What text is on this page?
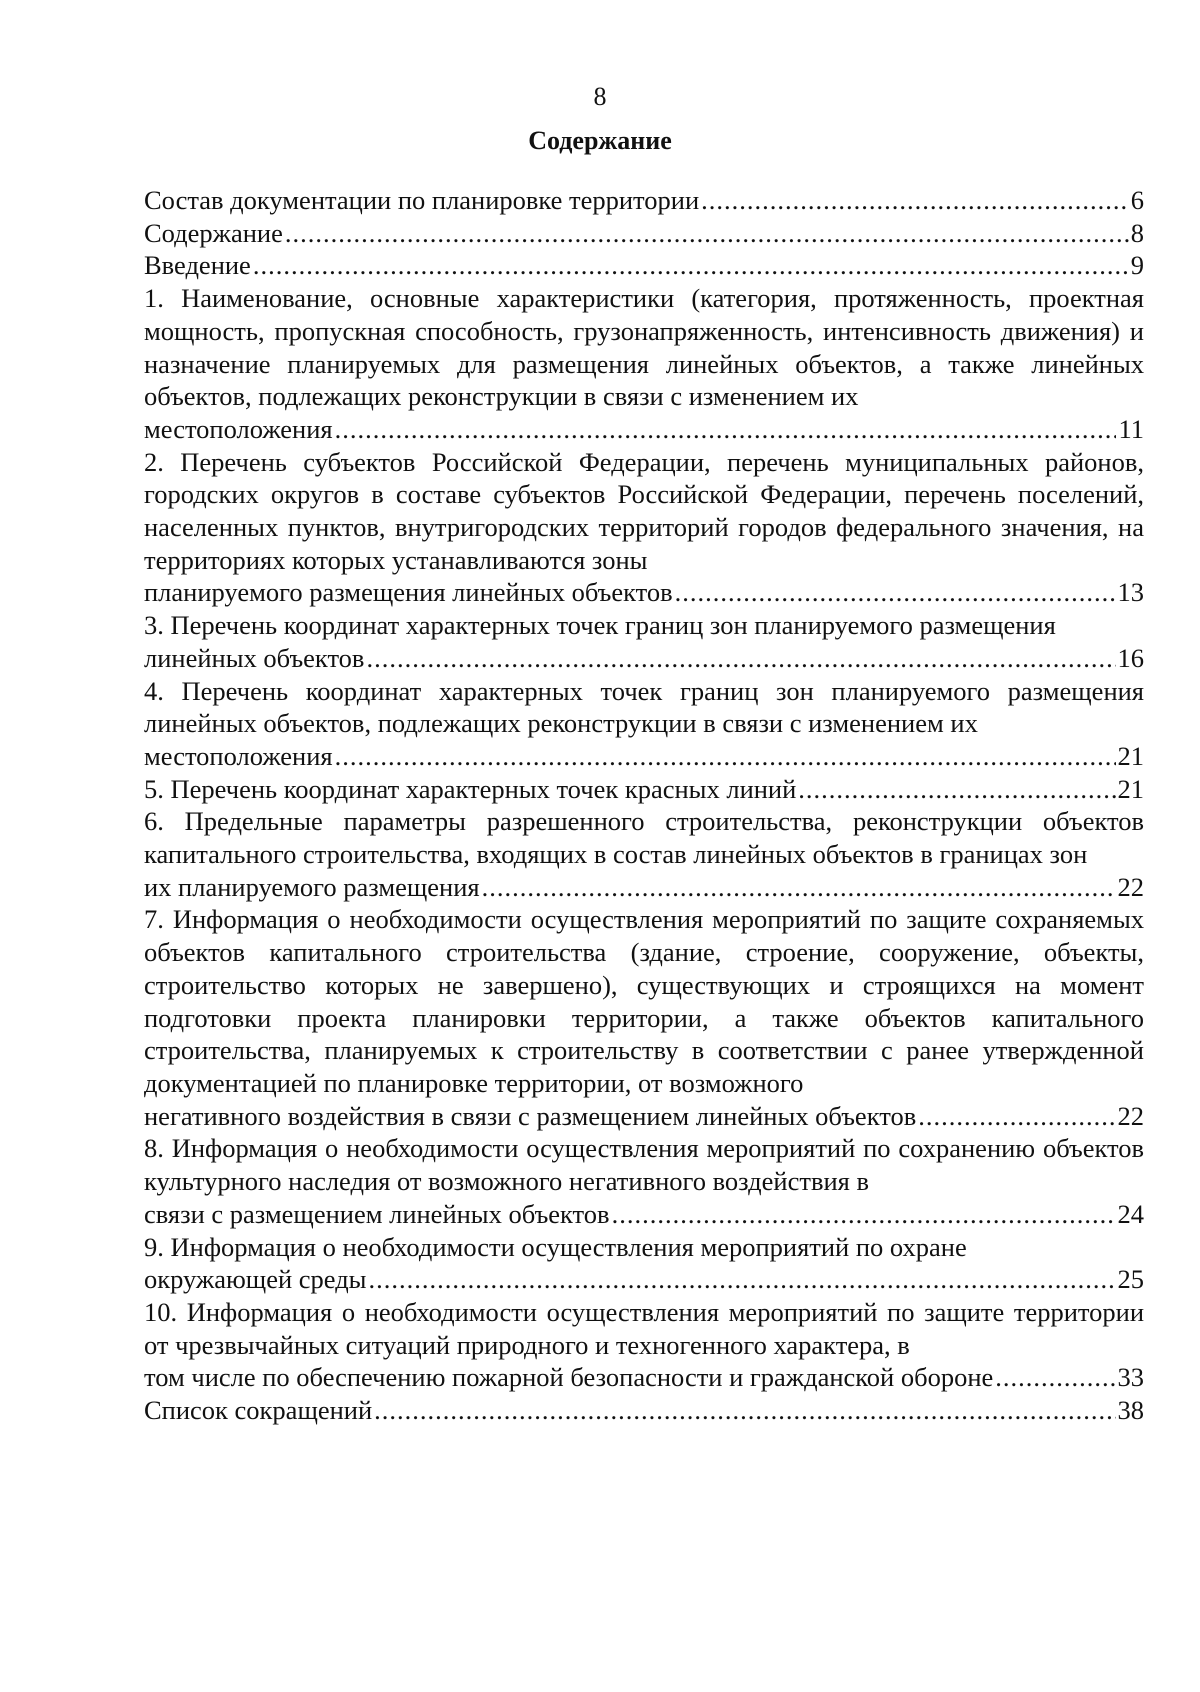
8
Содержание
Состав документации по планировке территории .....	6
Содержание .....	8
Введение .....	9
1. Наименование, основные характеристики (категория, протяженность, проектная мощность, пропускная способность, грузонапряженность, интенсивность движения) и назначение планируемых для размещения линейных объектов, а также линейных объектов, подлежащих реконструкции в связи с изменением их
местоположения .....	11
2. Перечень субъектов Российской Федерации, перечень муниципальных районов, городских округов в составе субъектов Российской Федерации, перечень поселений, населенных пунктов, внутригородских территорий городов федерального значения, на территориях которых устанавливаются зоны
планируемого размещения линейных объектов .....	13
3. Перечень координат характерных точек границ зон планируемого размещения
линейных объектов .....	16
4. Перечень координат характерных точек границ зон планируемого размещения линейных объектов, подлежащих реконструкции в связи с изменением их
местоположения .....	21
5. Перечень координат характерных точек красных линий .....	21
6. Предельные параметры разрешенного строительства, реконструкции объектов капитального строительства, входящих в состав линейных объектов в границах зон
их планируемого размещения .....	22
7. Информация о необходимости осуществления мероприятий по защите сохраняемых объектов капитального строительства (здание, строение, сооружение, объекты, строительство которых не завершено), существующих и строящихся на момент подготовки проекта планировки территории, а также объектов капитального строительства, планируемых к строительству в соответствии с ранее утвержденной документацией по планировке территории, от возможного
негативного воздействия в связи с размещением линейных объектов .....	22
8. Информация о необходимости осуществления мероприятий по сохранению объектов культурного наследия от возможного негативного воздействия в
связи с размещением линейных объектов .....	24
9. Информация о необходимости осуществления мероприятий по охране
окружающей среды .....	25
10. Информация о необходимости осуществления мероприятий по защите территории от чрезвычайных ситуаций природного и техногенного характера, в
том числе по обеспечению пожарной безопасности и гражданской обороне .....	33
Список сокращений .....	38
